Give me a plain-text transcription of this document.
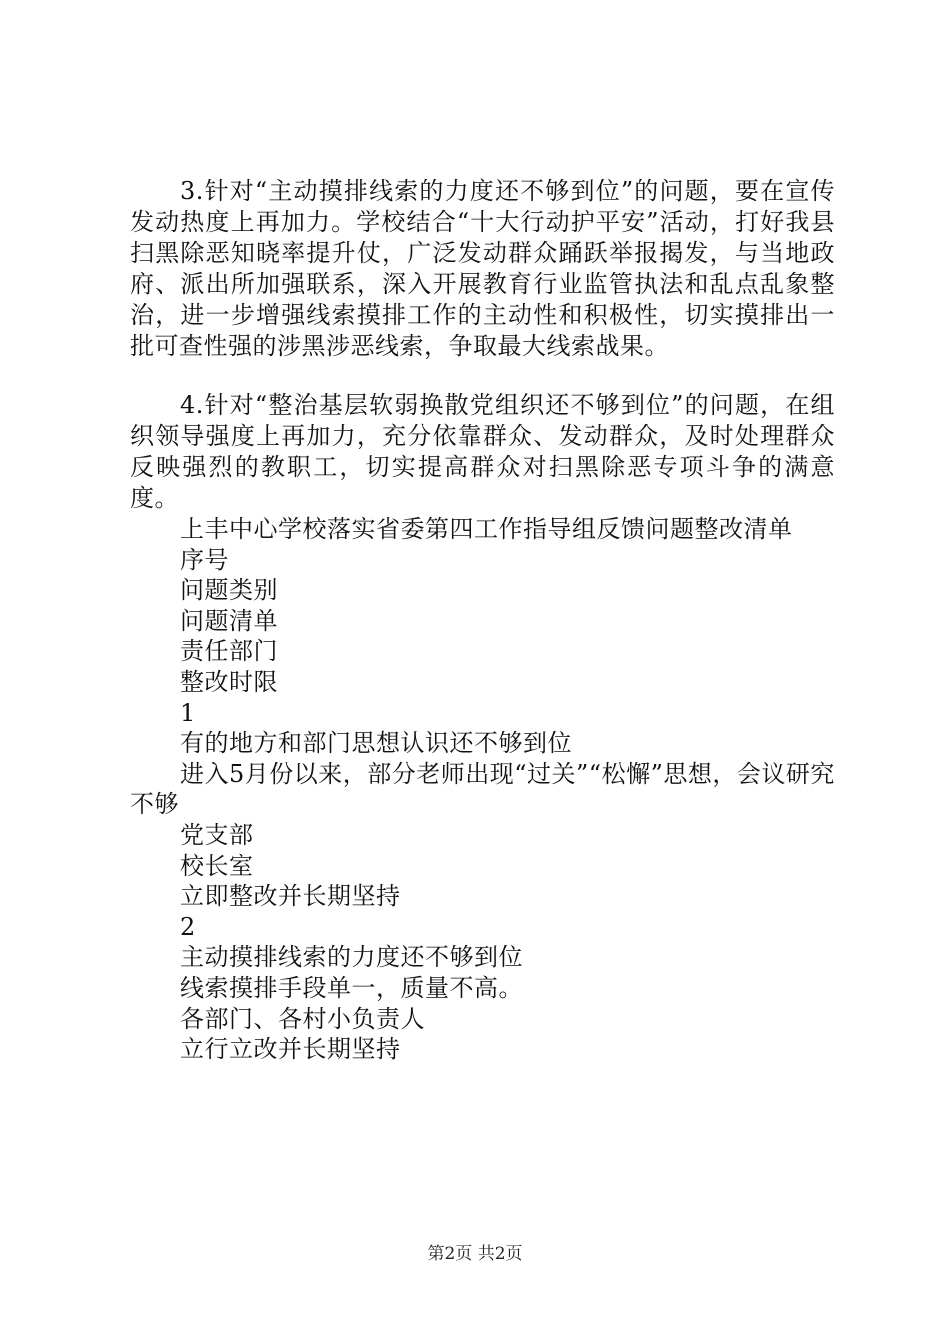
3.针对“主动摸排线索的力度还不够到位”的问题，要在宣传发动热度上再加力。学校结合“十大行动护平安”活动，打好我县扫黑除恶知晓率提升仗，广泛发动群众踊跃举报揭发，与当地政府、派出所加强联系，深入开展教育行业监管执法和乱点乱象整治，进一步增强线索摸排工作的主动性和积极性，切实摸排出一批可查性强的涉黑涉恶线索，争取最大线索战果。

4.针对“整治基层软弱换散党组织还不够到位”的问题，在组织领导强度上再加力，充分依靠群众、发动群众，及时处理群众反映强烈的教职工，切实提高群众对扫黑除恶专项斗争的满意度。

上丰中心学校落实省委第四工作指导组反馈问题整改清单
序号
问题类别
问题清单
责任部门
整改时限
1
有的地方和部门思想认识还不够到位
进入5月份以来，部分老师出现“过关”“松懈”思想，会议研究不够
党支部
校长室
立即整改并长期坚持
2
主动摸排线索的力度还不够到位
线索摸排手段单一，质量不高。
各部门、各村小负责人
立行立改并长期坚持
第2页 共2页
